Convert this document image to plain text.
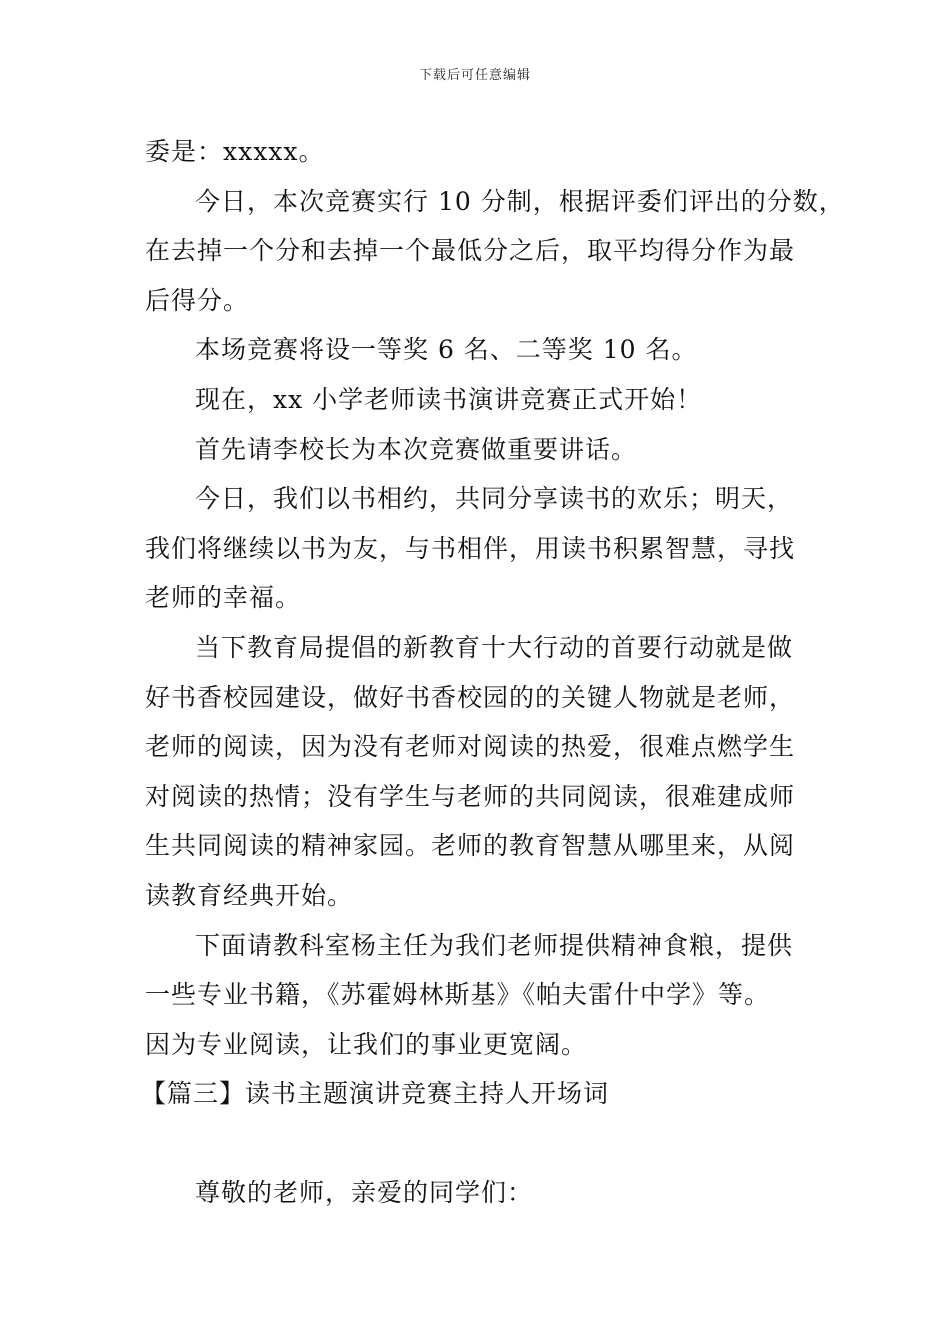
下载后可任意编辑
委是：xxxxx。
今日，本次竞赛实行 10 分制，根据评委们评出的分数，
在去掉一个分和去掉一个最低分之后，取平均得分作为最
后得分。
本场竞赛将设一等奖 6 名、二等奖 10 名。
现在，xx 小学老师读书演讲竞赛正式开始！
首先请李校长为本次竞赛做重要讲话。
今日，我们以书相约，共同分享读书的欢乐；明天，
我们将继续以书为友，与书相伴，用读书积累智慧，寻找
老师的幸福。
当下教育局提倡的新教育十大行动的首要行动就是做
好书香校园建设，做好书香校园的的关键人物就是老师，
老师的阅读，因为没有老师对阅读的热爱，很难点燃学生
对阅读的热情；没有学生与老师的共同阅读，很难建成师
生共同阅读的精神家园。老师的教育智慧从哪里来，从阅
读教育经典开始。
下面请教科室杨主任为我们老师提供精神食粮，提供
一些专业书籍，《苏霍姆林斯基》《帕夫雷什中学》等。
因为专业阅读，让我们的事业更宽阔。
【篇三】读书主题演讲竞赛主持人开场词
尊敬的老师，亲爱的同学们：
